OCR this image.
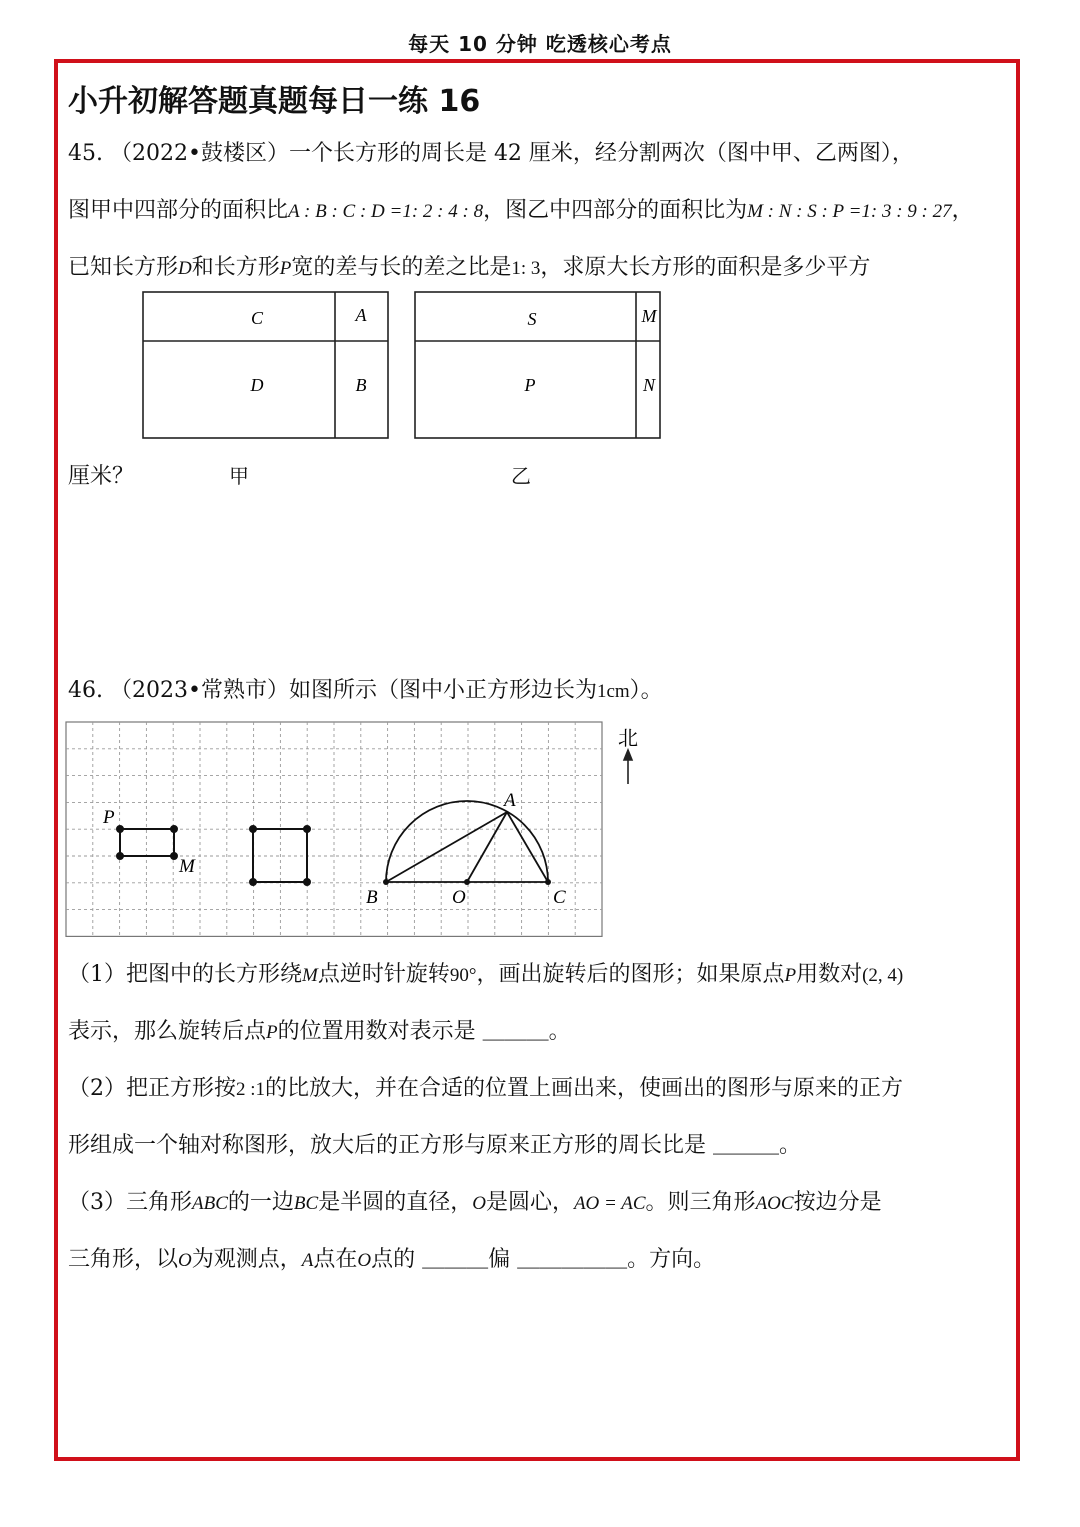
每天 10 分钟 吃透核心考点
小升初解答题真题每日一练 16
45. （2022•鼓楼区）一个长方形的周长是 42 厘米，经分割两次（图中甲、乙两图），
图甲中四部分的面积比A : B : C : D =1: 2 : 4 : 8，图乙中四部分的面积比为M : N : S : P =1: 3 : 9 : 27，
已知长方形D和长方形P宽的差与长的差之比是1: 3，求原大长方形的面积是多少平方
C	A
D	B
S	M
P	N
北
P
M
A
B	O	C
厘米？	甲	乙
46. （2023•常熟市）如图所示（图中小正方形边长为1cm）。
（1）把图中的长方形绕M点逆时针旋转90°，画出旋转后的图形；如果原点P用数对(2, 4)
表示，那么旋转后点P的位置用数对表示是 ＿＿＿。
（2）把正方形按2 :1的比放大，并在合适的位置上画出来，使画出的图形与原来的正方
形组成一个轴对称图形，放大后的正方形与原来正方形的周长比是 ＿＿＿。
（3）三角形ABC的一边BC是半圆的直径，O是圆心，AO = AC。则三角形AOC按边分是
三角形，以O为观测点，A点在O点的 ＿＿＿偏 ＿＿＿＿＿。方向。
